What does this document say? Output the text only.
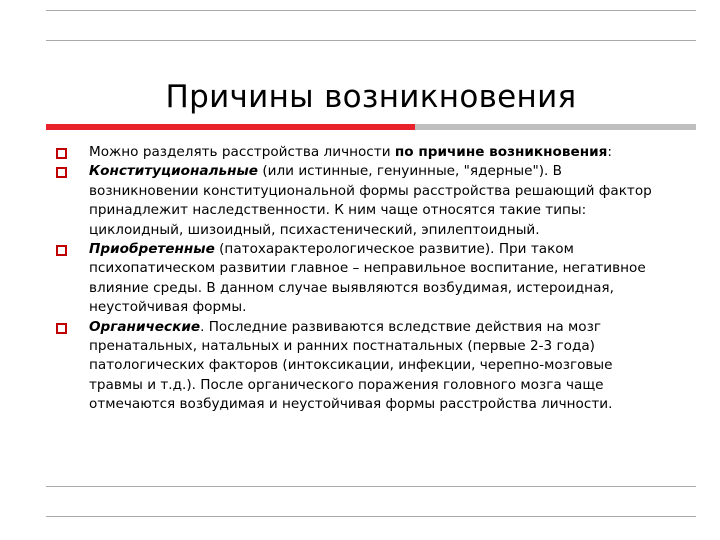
Причины возникновения
Можно разделять расстройства личности по причине возникновения:
Конституциональные (или истинные, генуинные, "ядерные"). В возникновении конституциональной формы расстройства решающий фактор принадлежит наследственности. К ним чаще относятся такие типы: циклоидный, шизоидный, психастенический, эпилептоидный.
Приобретенные (патохарактерологическое развитие). При таком психопатическом развитии главное – неправильное воспитание, негативное влияние среды. В данном случае выявляются возбудимая, истероидная, неустойчивая формы.
Органические. Последние развиваются вследствие действия на мозг пренатальных, натальных и ранних постнатальных (первые 2-3 года) патологических факторов (интоксикации, инфекции, черепно-мозговые травмы и т.д.). После органического поражения головного мозга чаще отмечаются возбудимая и неустойчивая формы расстройства личности.
